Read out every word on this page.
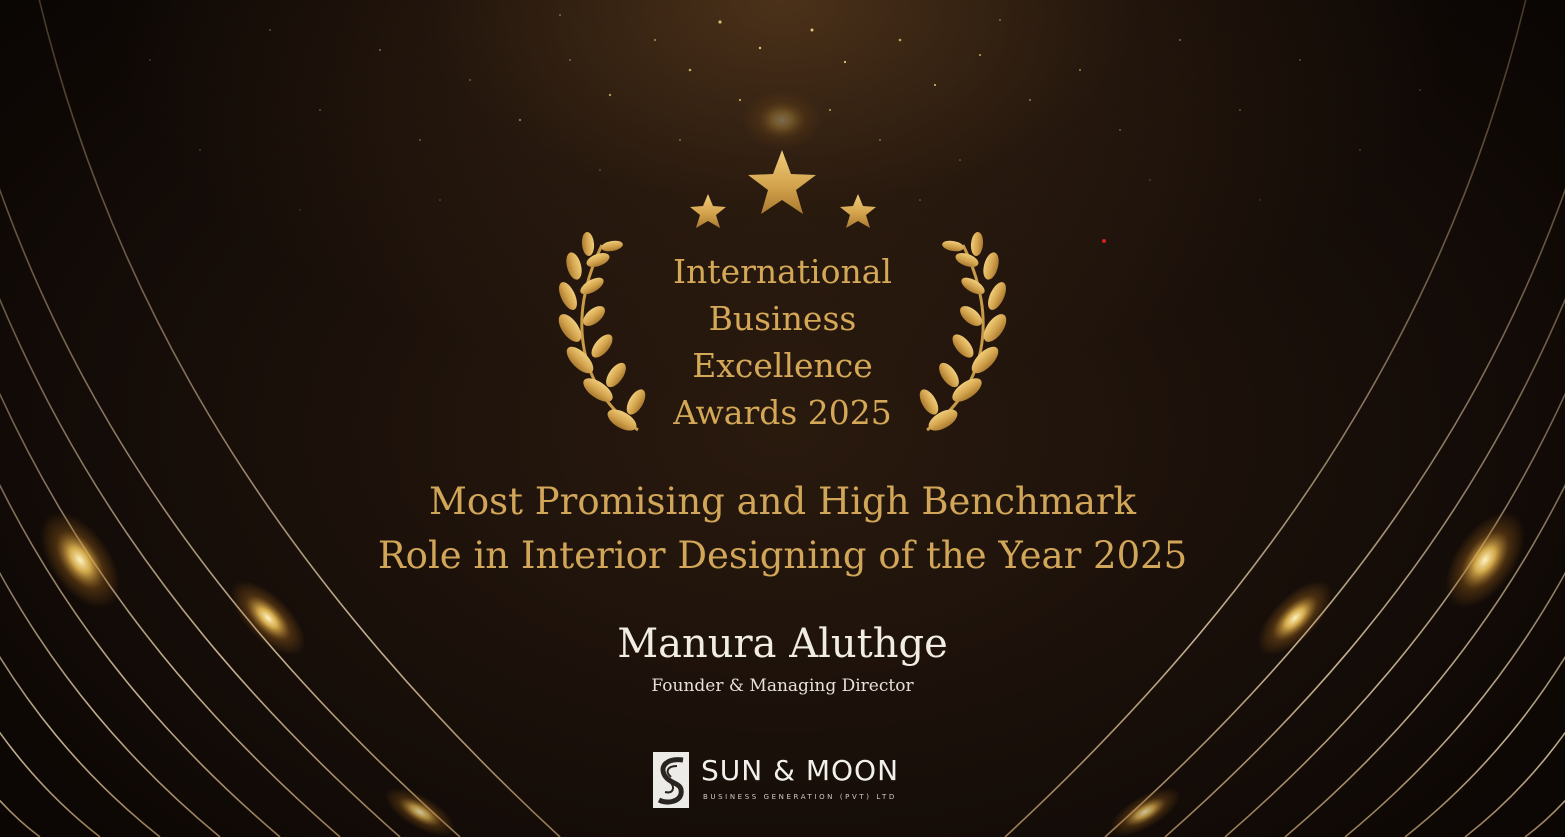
International
Business
Excellence
Awards 2025
Most Promising and High Benchmark
Role in Interior Designing of the Year 2025
Manura Aluthge
Founder & Managing Director
SUN & MOON
BUSINESS GENERATION (PVT) LTD
